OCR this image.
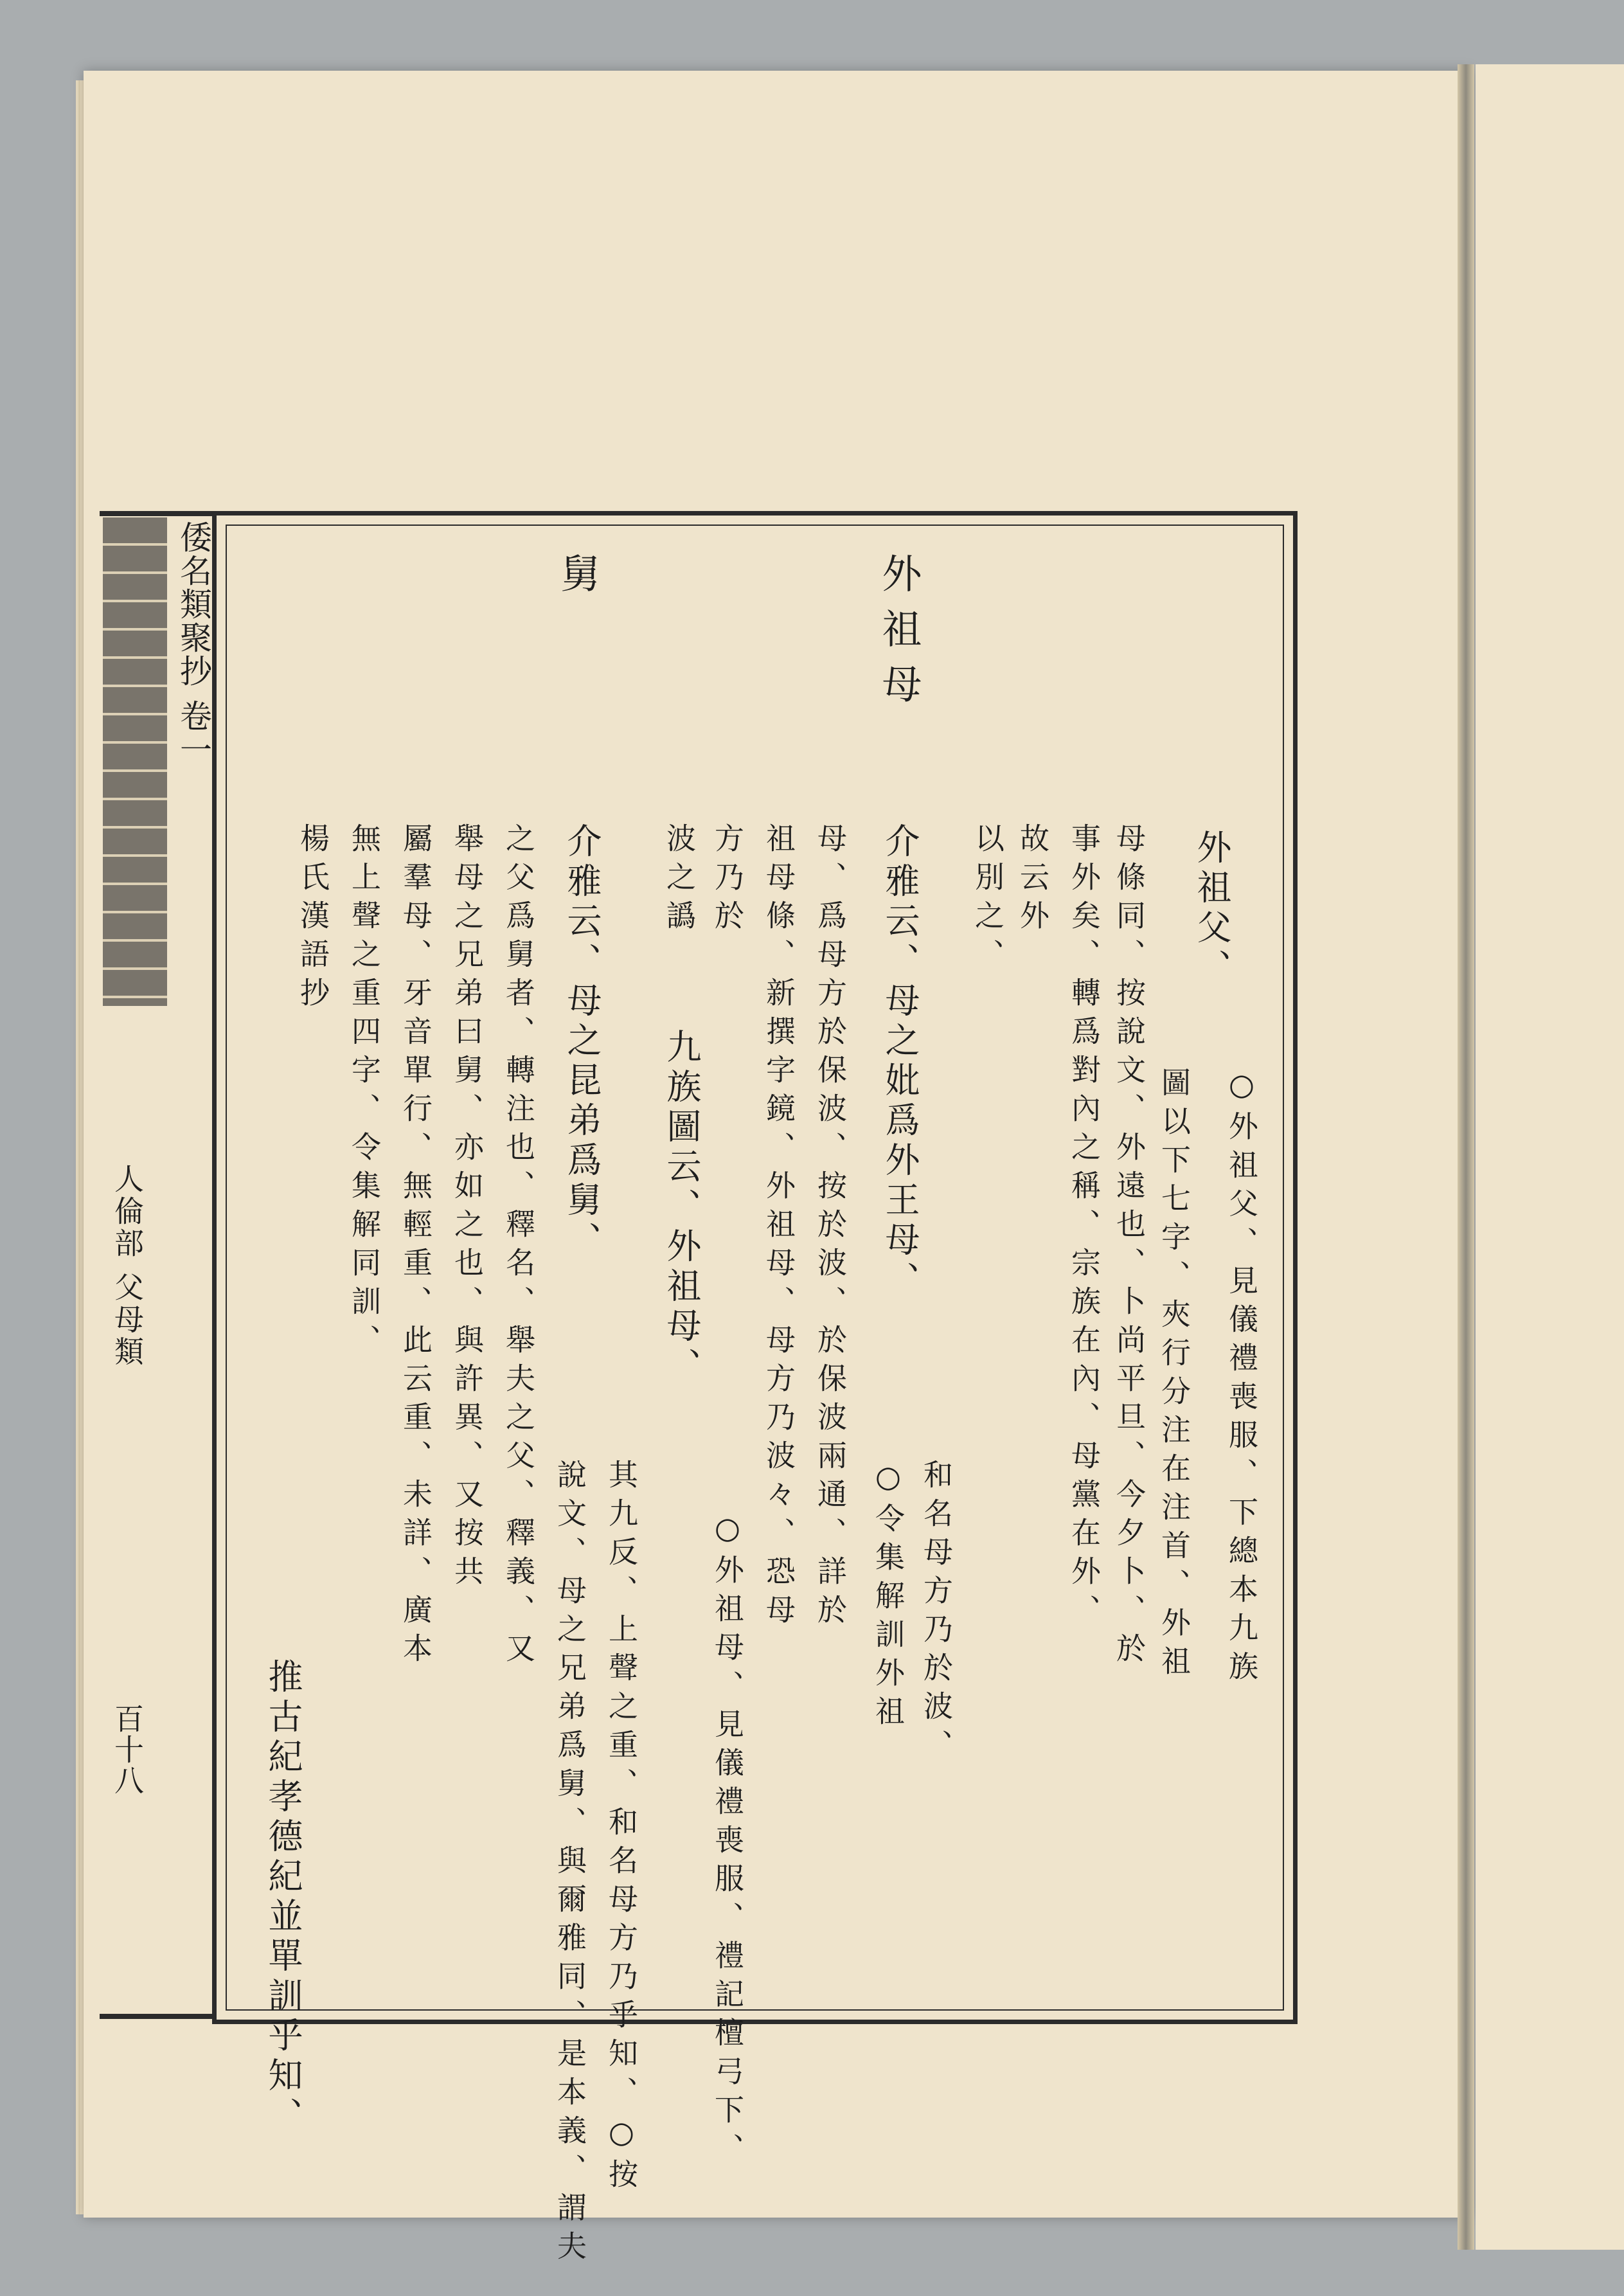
倭名類聚抄 卷一
人倫部 父母類
百十八
外祖父、
○外祖父、見儀禮喪服、下總本九族
圖以下七字、夾行分注在注首、外祖
母條同、按說文、外遠也、卜尚平旦、今夕卜、於
事外矣、轉爲對內之稱、宗族在內、母黨在外、
故云外
以別之、
外祖母
介雅云、母之妣爲外王母、
和名母方乃於波、
○令集解訓外祖
母、爲母方於保波、按於波、於保波兩通、詳於
祖母條、新撰字鏡、外祖母、母方乃波々、恐母
方乃於
波之譌
九族圖云、外祖母、
○外祖母、見儀禮喪服、禮記檀弓下、
舅
介雅云、母之昆弟爲舅、
其九反、上聲之重、和名母方乃乎知、○按
說文、母之兄弟爲舅、與爾雅同、是本義、謂夫
之父爲舅者、轉注也、釋名、舉夫之父、釋義、又
舉母之兄弟曰舅、亦如之也、與許異、又按共
屬羣母、牙音單行、無輕重、此云重、未詳、廣本
無上聲之重四字、令集解同訓、
楊氏漢語抄
推古紀孝德紀並單訓乎知、
